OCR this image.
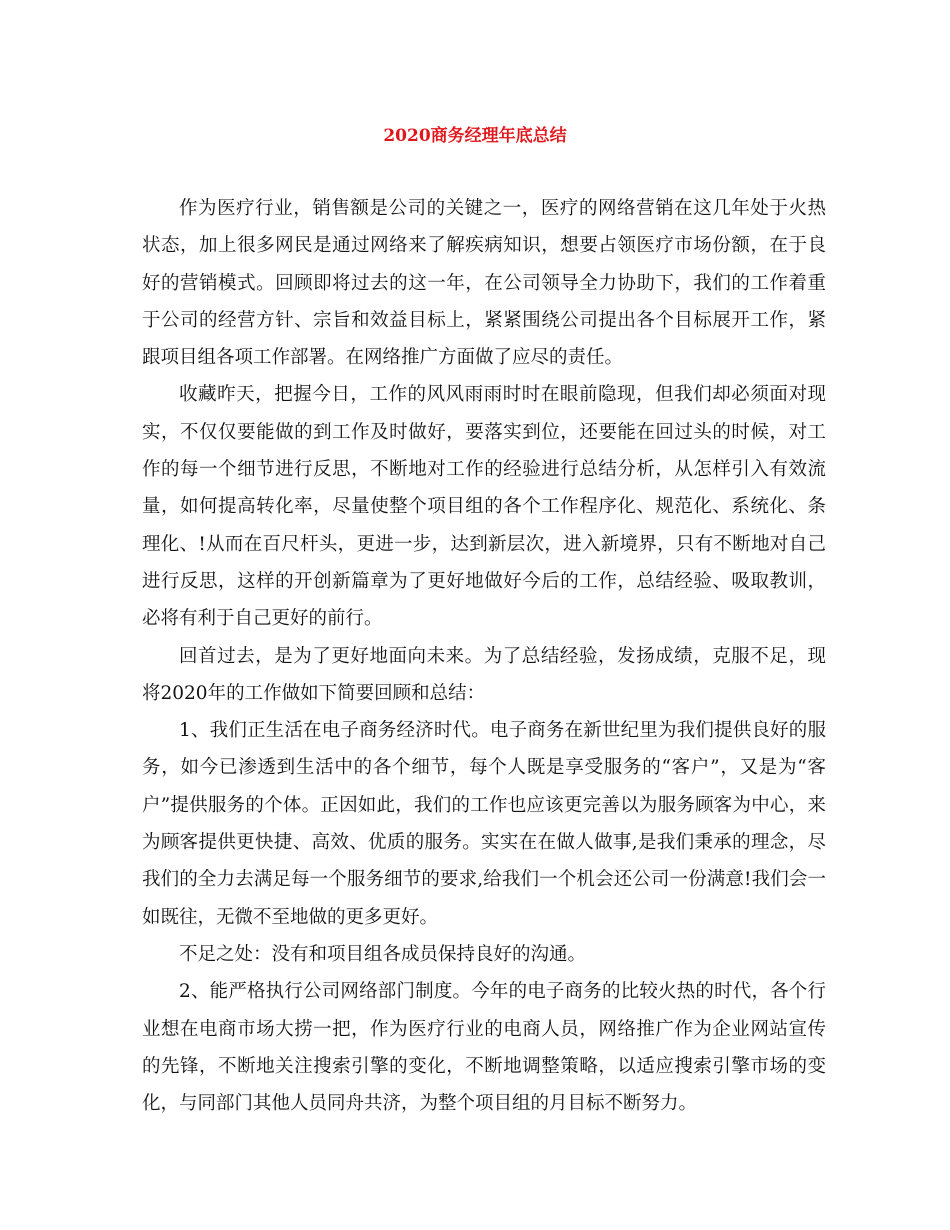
2020商务经理年底总结

作为医疗行业，销售额是公司的关键之一，医疗的网络营销在这几年处于火热状态，加上很多网民是通过网络来了解疾病知识，想要占领医疗市场份额，在于良好的营销模式。回顾即将过去的这一年，在公司领导全力协助下，我们的工作着重于公司的经营方针、宗旨和效益目标上，紧紧围绕公司提出各个目标展开工作，紧跟项目组各项工作部署。在网络推广方面做了应尽的责任。

收藏昨天，把握今日，工作的风风雨雨时时在眼前隐现，但我们却必须面对现实，不仅仅要能做的到工作及时做好，要落实到位，还要能在回过头的时候，对工作的每一个细节进行反思，不断地对工作的经验进行总结分析，从怎样引入有效流量，如何提高转化率，尽量使整个项目组的各个工作程序化、规范化、系统化、条理化、!从而在百尺杆头，更进一步，达到新层次，进入新境界，只有不断地对自己进行反思，这样的开创新篇章为了更好地做好今后的工作，总结经验、吸取教训，必将有利于自己更好的前行。

回首过去，是为了更好地面向未来。为了总结经验，发扬成绩，克服不足，现将2020年的工作做如下简要回顾和总结：

1、我们正生活在电子商务经济时代。电子商务在新世纪里为我们提供良好的服务，如今已渗透到生活中的各个细节，每个人既是享受服务的“客户”，又是为“客户”提供服务的个体。正因如此，我们的工作也应该更完善以为服务顾客为中心，来为顾客提供更快捷、高效、优质的服务。实实在在做人做事,是我们秉承的理念，尽我们的全力去满足每一个服务细节的要求,给我们一个机会还公司一份满意!我们会一如既往，无微不至地做的更多更好。

不足之处：没有和项目组各成员保持良好的沟通。

2、能严格执行公司网络部门制度。今年的电子商务的比较火热的时代，各个行业想在电商市场大捞一把，作为医疗行业的电商人员，网络推广作为企业网站宣传的先锋，不断地关注搜索引擎的变化，不断地调整策略，以适应搜索引擎市场的变化，与同部门其他人员同舟共济，为整个项目组的月目标不断努力。
